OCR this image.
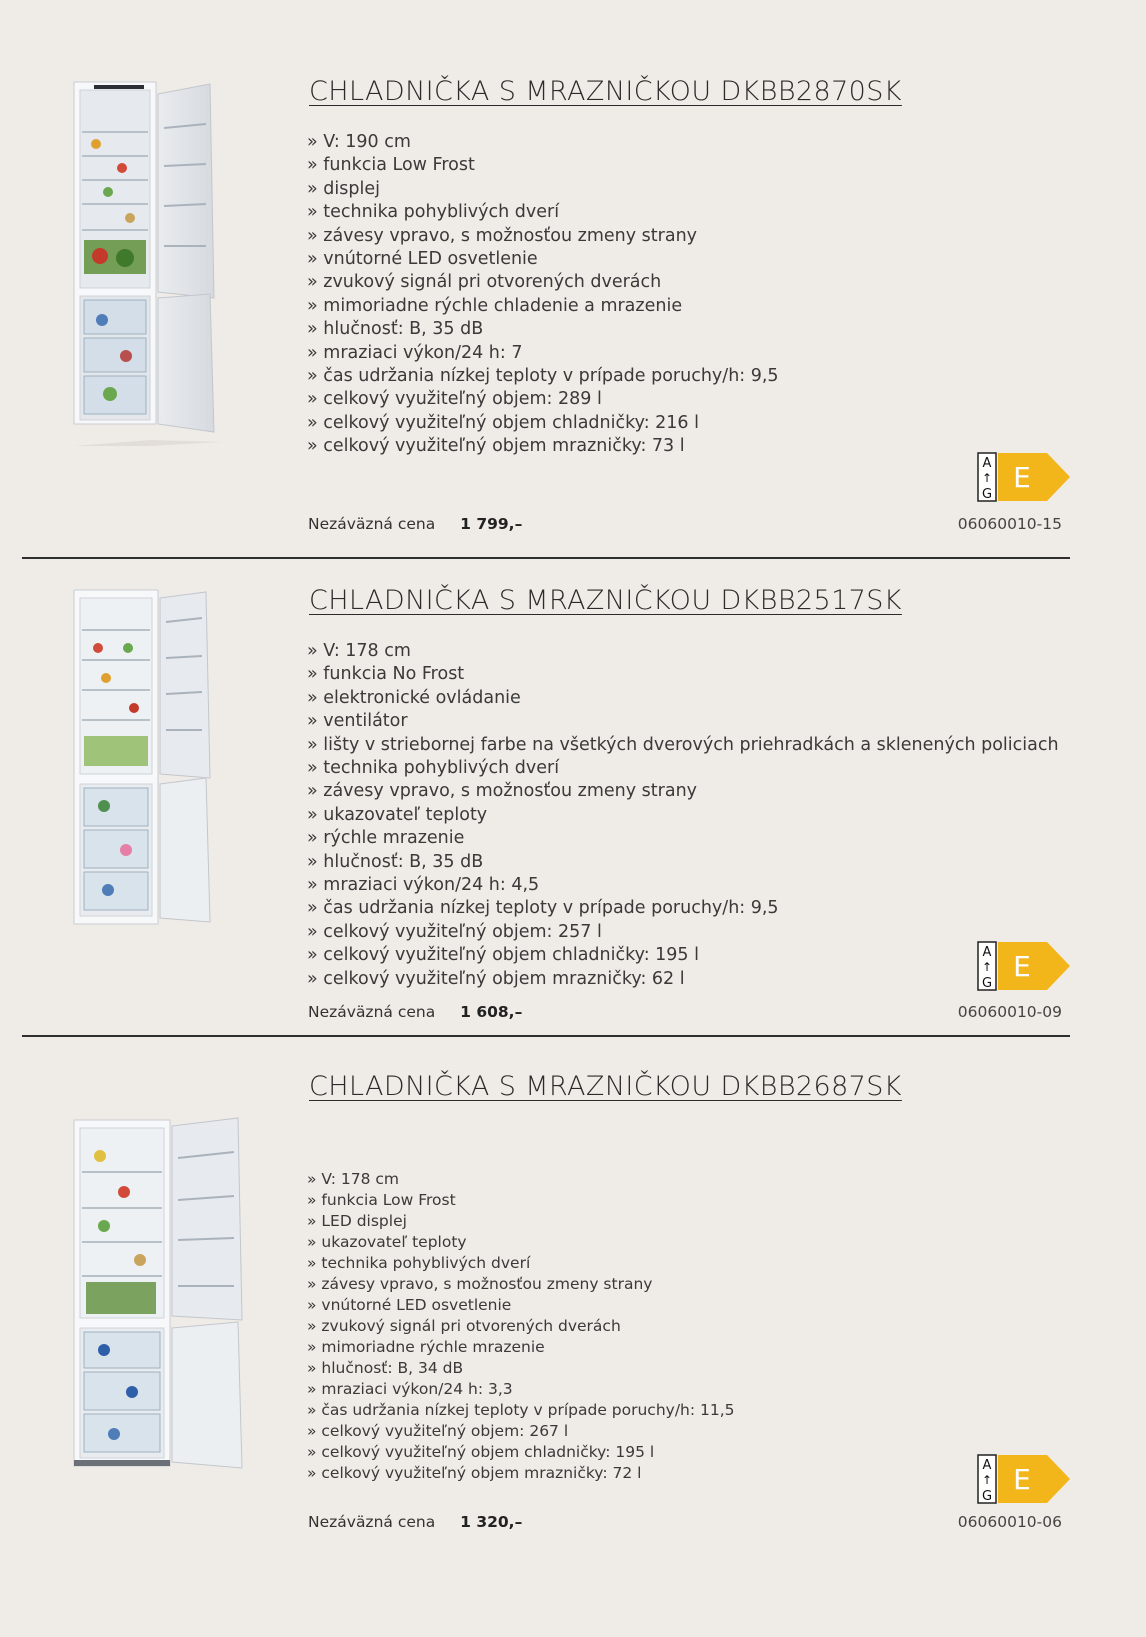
CHLADNIČKA S MRAZNIČKOU DKBB2870SK
» V: 190 cm
» funkcia Low Frost
» displej
» technika pohyblivých dverí
» závesy vpravo, s možnosťou zmeny strany
» vnútorné LED osvetlenie
» zvukový signál pri otvorených dverách
» mimoriadne rýchle chladenie a mrazenie
» hlučnosť: B, 35 dB
» mraziaci výkon/24 h: 7
» čas udržania nízkej teploty v prípade poruchy/h: 9,5
» celkový využiteľný objem: 289 l
» celkový využiteľný objem chladničky: 216 l
» celkový využiteľný objem mrazničky: 73 l
A
↑
G
E
Nezáväzná cena 1 799,–	06060010-15
CHLADNIČKA S MRAZNIČKOU DKBB2517SK
» V: 178 cm
» funkcia No Frost
» elektronické ovládanie
» ventilátor
» lišty v striebornej farbe na všetkých dverových priehradkách a sklenených policiach
» technika pohyblivých dverí
» závesy vpravo, s možnosťou zmeny strany
» ukazovateľ teploty
» rýchle mrazenie
» hlučnosť: B, 35 dB
» mraziaci výkon/24 h: 4,5
» čas udržania nízkej teploty v prípade poruchy/h: 9,5
» celkový využiteľný objem: 257 l
» celkový využiteľný objem chladničky: 195 l
» celkový využiteľný objem mrazničky: 62 l
A
↑
G
E
Nezáväzná cena 1 608,–	06060010-09
CHLADNIČKA S MRAZNIČKOU DKBB2687SK
» V: 178 cm
» funkcia Low Frost
» LED displej
» ukazovateľ teploty
» technika pohyblivých dverí
» závesy vpravo, s možnosťou zmeny strany
» vnútorné LED osvetlenie
» zvukový signál pri otvorených dverách
» mimoriadne rýchle mrazenie
» hlučnosť: B, 34 dB
» mraziaci výkon/24 h: 3,3
» čas udržania nízkej teploty v prípade poruchy/h: 11,5
» celkový využiteľný objem: 267 l
» celkový využiteľný objem chladničky: 195 l
» celkový využiteľný objem mrazničky: 72 l	A
↑
G
E
Nezáväzná cena 1 320,–	06060010-06
